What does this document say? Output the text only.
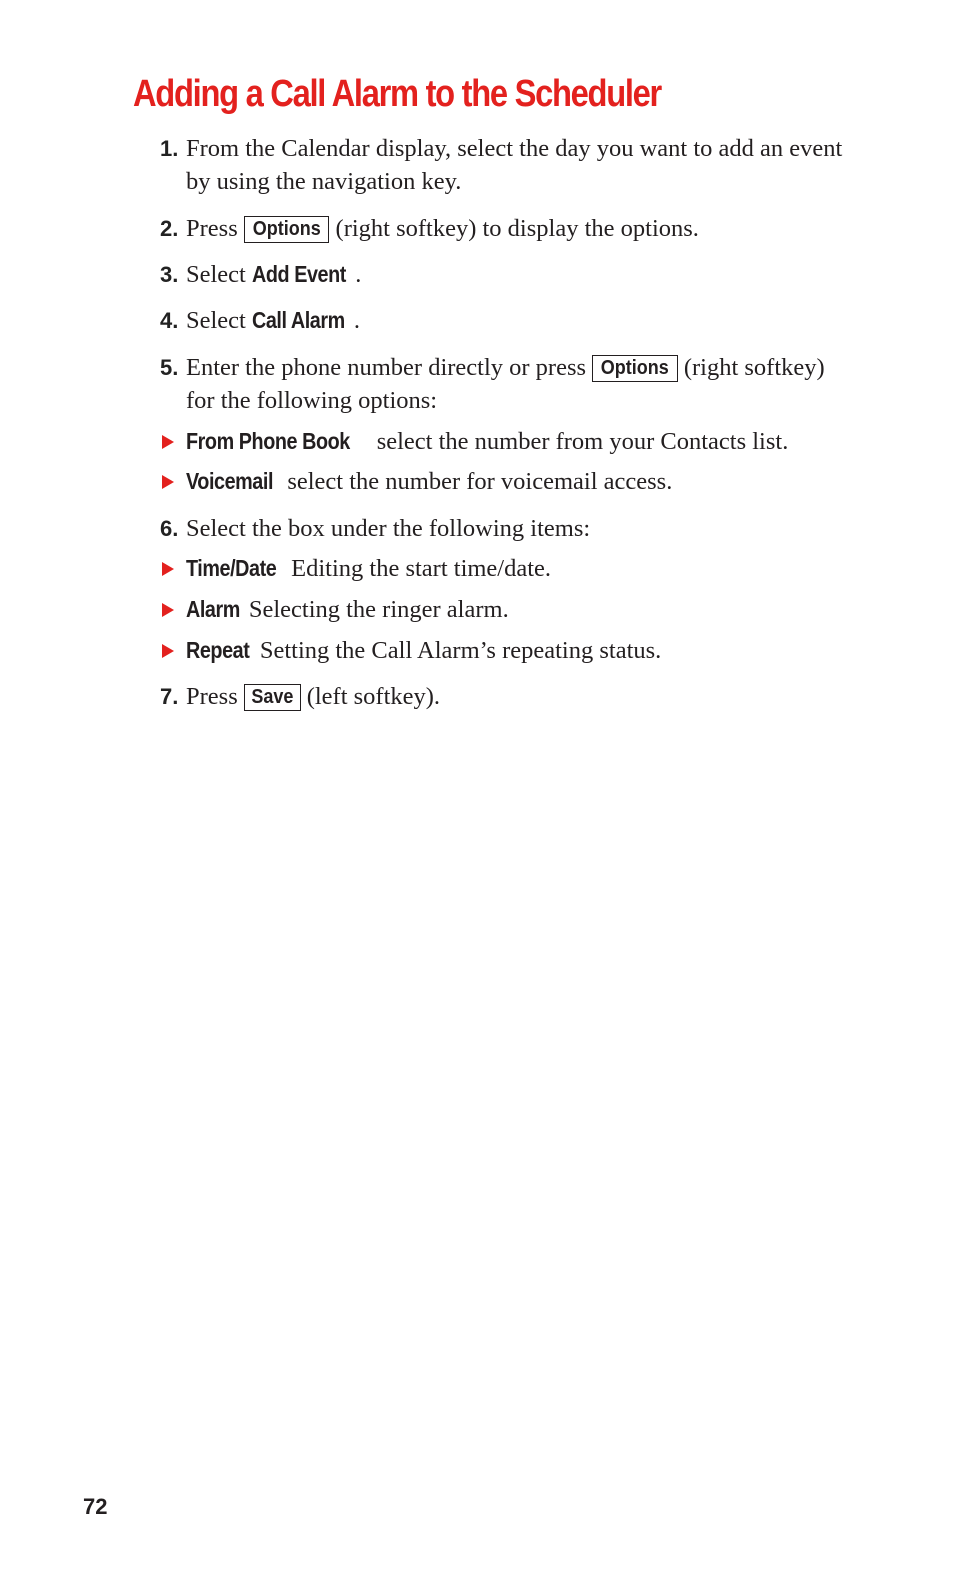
Adding a Call Alarm to the Scheduler
1. From the Calendar display, select the day you want to add an event by using the navigation key.
2. Press Options (right softkey) to display the options.
3. Select Add Event .
4. Select Call Alarm .
5. Enter the phone number directly or press Options (right softkey) for the following options:
From Phone Book select the number from your Contacts list.
Voicemail select the number for voicemail access.
6. Select the box under the following items:
Time/Date Editing the start time/date.
Alarm Selecting the ringer alarm.
Repeat Setting the Call Alarm’s repeating status.
7. Press Save (left softkey).
72
